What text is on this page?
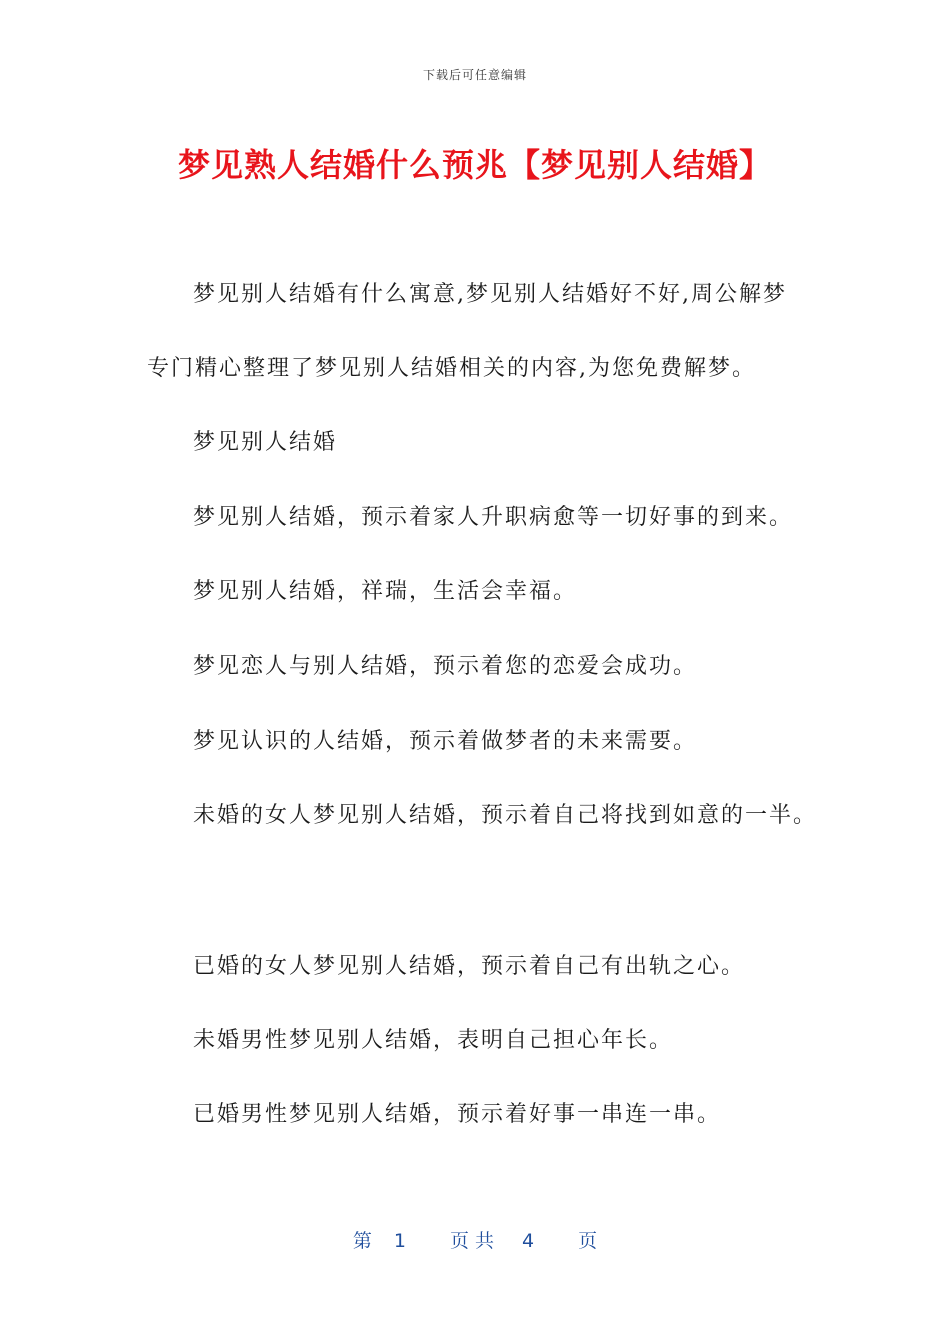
下载后可任意编辑
梦见熟人结婚什么预兆【梦见别人结婚】
梦见别人结婚有什么寓意,梦见别人结婚好不好,周公解梦
专门精心整理了梦见别人结婚相关的内容,为您免费解梦。
梦见别人结婚
梦见别人结婚，预示着家人升职病愈等一切好事的到来。
梦见别人结婚，祥瑞，生活会幸福。
梦见恋人与别人结婚，预示着您的恋爱会成功。
梦见认识的人结婚，预示着做梦者的未来需要。
未婚的女人梦见别人结婚，预示着自己将找到如意的一半。
已婚的女人梦见别人结婚，预示着自己有出轨之心。
未婚男性梦见别人结婚，表明自己担心年长。
已婚男性梦见别人结婚，预示着好事一串连一串。
第 1 页共 4 页
